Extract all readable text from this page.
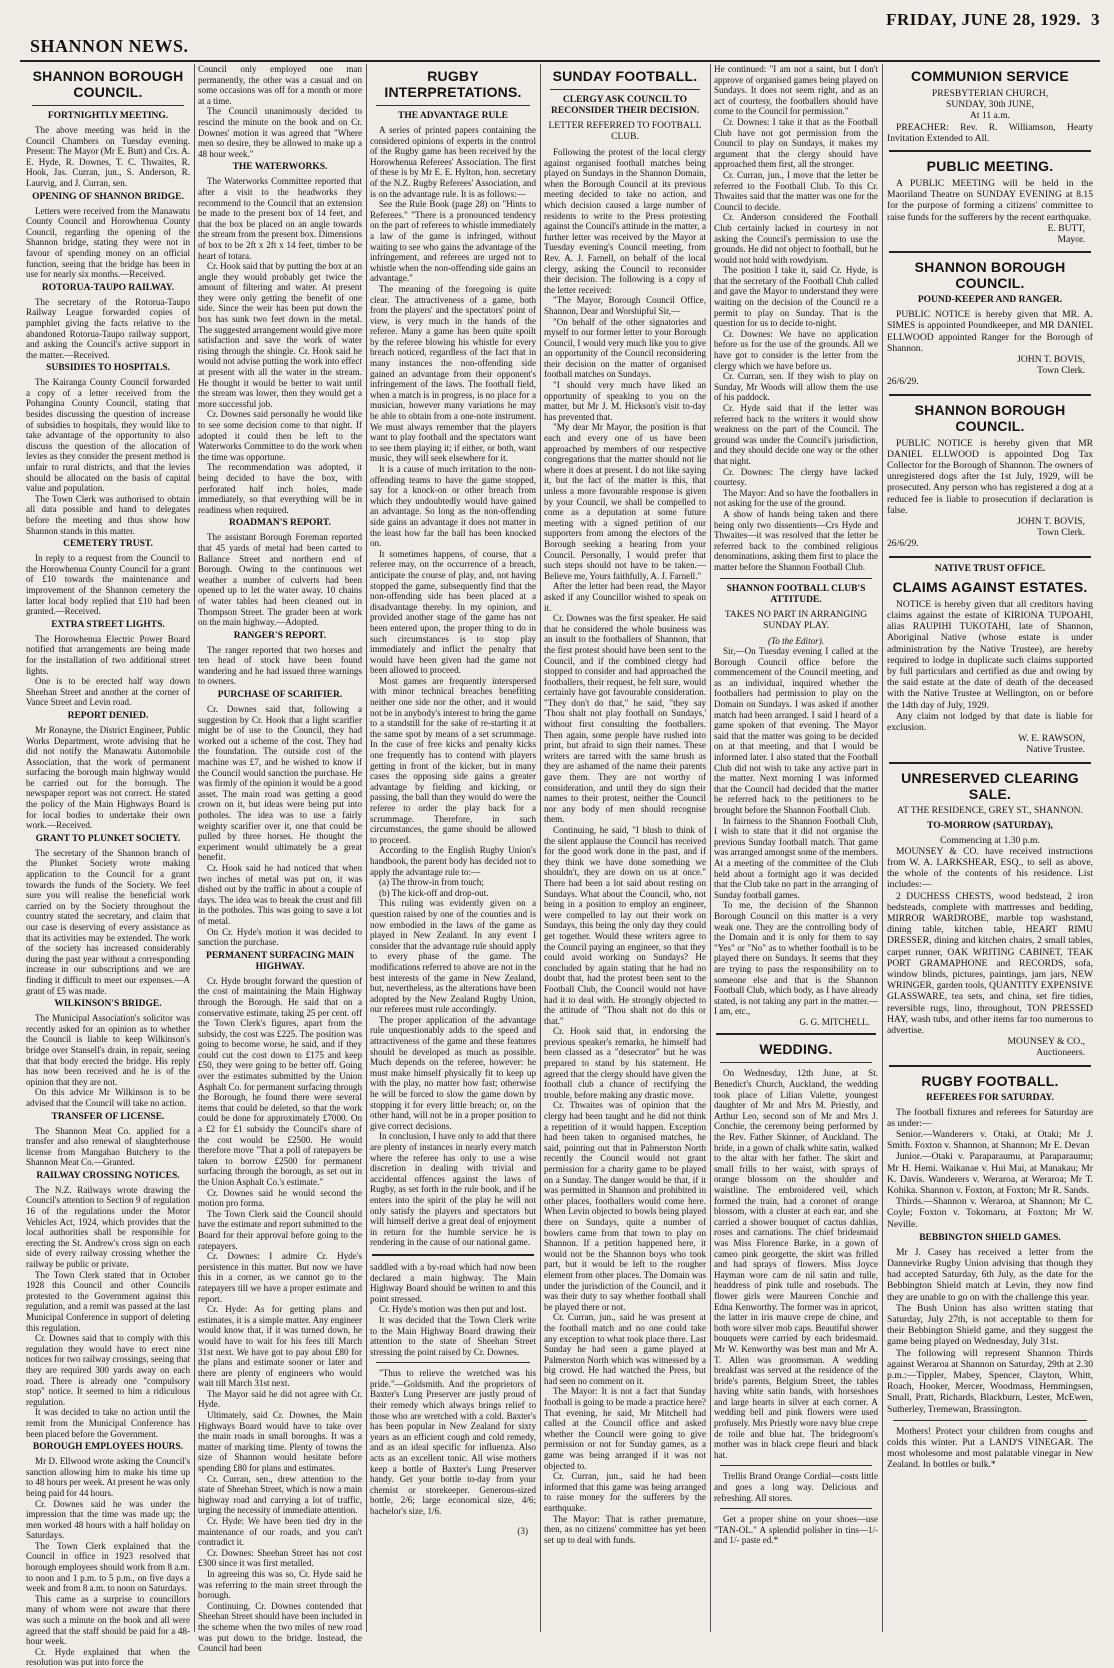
SHANNON NEWS.
FRIDAY, JUNE 28, 1929. 3
SHANNON BOROUGH COUNCIL.
FORTNIGHTLY MEETING.

The above meeting was held in the Council Chambers on Tuesday evening. Present: The Mayor (Mr E. Butt) and Crs. A. E. Hyde, R. Downes, T. C. Thwaites, R. Hook, Jas. Curran, jun., S. Anderson, R. Laurvig, and J. Curran, sen.

OPENING OF SHANNON BRIDGE.

Letters were received from the Manawatu County Council and Horowhenua County Council, regarding the opening of the Shannon bridge, stating they were not in favour of spending money on an official function, seeing that the bridge has been in use for nearly six months.—Received.

ROTORUA-TAUPO RAILWAY.

The secretary of the Rotorua-Taupo Railway League forwarded copies of pamphlet giving the facts relative to the abandoned Rotorua-Taupo railway support, and asking the Council's active support in the matter.—Received.

SUBSIDIES TO HOSPITALS.

The Kairanga County Council forwarded a copy of a letter received from the Pohangina County Council, stating that besides discussing the question of increase of subsidies to hospitals, they would like to take advantage of the opportunity to also discuss the question of the allocation of levies as they consider the present method is unfair to rural districts, and that the levies should be allocated on the basis of capital value and population.

The Town Clerk was authorised to obtain all data possible and hand to delegates before the meeting and thus show how Shannon stands in this matter.

CEMETERY TRUST.

In reply to a request from the Council to the Horowhenua County Council for a grant of £10 towards the maintenance and improvement of the Shannon cemetery the latter local body replied that £10 had been granted.—Received.

EXTRA STREET LIGHTS.

The Horowhenua Electric Power Board notified that arrangements are being made for the installation of two additional street lights.

One is to be erected half way down Sheehan Street and another at the corner of Vance Street and Levin road.

REPORT DENIED.

Mr Ronayne, the District Engineer, Public Works Department, wrote advising that he did not notify the Manawatu Automobile Association, that the work of permanent surfacing the borough main highway would be carried out for the borough. The newspaper report was not correct. He stated the policy of the Main Highways Board is for local bodies to undertake their own work.—Received.

GRANT TO PLUNKET SOCIETY.

The secretary of the Shannon branch of the Plunket Society wrote making application to the Council for a grant towards the funds of the Society. We feel sure you will realise the beneficial work carried on by the Society throughout the country stated the secretary, and claim that our case is deserving of every assistance as that its activities may be extended. The work of the society has increased considerably during the past year without a corresponding increase in our subscriptions and we are finding it difficult to meet our expenses.—A grant of £5 was made.

WILKINSON'S BRIDGE.

The Municipal Association's solicitor was recently asked for an opinion as to whether the Council is liable to keep Wilkinson's bridge over Stansell's drain, in repair, seeing that that body erected the bridge. His reply has now been received and he is of the opinion that they are not.

On this advice Mr Wilkinson is to be advised that the Council will take no action.

TRANSFER OF LICENSE.

The Shannon Meat Co. applied for a transfer and also renewal of slaughterhouse license from Mangahao Butchery to the Shannon Meat Co.—Granted.

RAILWAY CROSSING NOTICES.

The N.Z. Railways wrote drawing the Council's attention to Section 9 of regulation 16 of the regulations under the Motor Vehicles Act, 1924, which provides that the local authorities shall be responsible for erecting the St. Andrew's cross sign on each side of every railway crossing whether the railway be public or private.

The Town Clerk stated that in October 1928 this Council and other Councils protested to the Government against this regulation, and a remit was passed at the last Municipal Conference in support of deleting this regulation.

Cr. Downes said that to comply with this regulation they would have to erect nine notices for two railway crossings, seeing that they are required 300 yards away on each road. There is already one "compulsory stop" notice. It seemed to him a ridiculous regulation.

It was decided to take no action until the remit from the Municipal Conference has been placed before the Government.

BOROUGH EMPLOYEES HOURS.

Mr D. Ellwood wrote asking the Council's sanction allowing him to make his time up to 48 hours per week. At present he was only being paid for 44 hours.

Cr. Downes said he was under the impression that the time was made up; the men worked 48 hours with a half holiday on Saturdays.

The Town Clerk explained that the Council in office in 1923 resolved that borough employees should work from 8 a.m. to noon and 1 p.m. to 5 p.m., on five days a week and from 8 a.m. to noon on Saturdays.

This came as a surprise to councillors many of whom were not aware that there was such a minute on the book and all were agreed that the staff should be paid for a 48-hour week.

Cr. Hyde explained that when the resolution was put into force the

Council only employed one man permanently, the other was a casual and on some occasions was off for a month or more at a time.

The Council unanimously decided to rescind the minute on the book and on Cr. Downes' motion it was agreed that "Where men so desire, they be allowed to make up a 48 hour week."

THE WATERWORKS.

The Waterworks Committee reported that after a visit to the headworks they recommend to the Council that an extension be made to the present box of 14 feet, and that the box be placed on an angle towards the stream from the present box. Dimensions of box to be 2ft x 2ft x 14 feet, timber to be heart of totara.

Cr. Hook said that by putting the box at an angle they would probably get twice the amount of filtering and water. At present they were only getting the benefit of one side. Since the weir has been put down the box has sunk two feet down in the metal. The suggested arrangement would give more satisfaction and save the work of water rising through the shingle. Cr. Hook said he would not advise putting the work into effect at present with all the water in the stream. He thought it would be better to wait until the stream was lower, then they would get a more successful job.

Cr. Downes said personally he would like to see some decision come to that night. If adopted it could then be left to the Waterworks Committee to do the work when the time was opportune.

The recommendation was adopted, it being decided to have the box, with perforated half inch holes, made immediately, so that everything will be in readiness when required.

ROADMAN'S REPORT.

The assistant Borough Foreman reported that 45 yards of metal had been carted to Ballance Street and northern end of Borough. Owing to the continuous wet weather a number of culverts had been opened up to let the water away. 10 chains of water tables had been cleaned out in Thompson Street. The grader been at work on the main highway.—Adopted.

RANGER'S REPORT.

The ranger reported that two horses and ten head of stock have been found wandering and he had issued three warnings to owners.

PURCHASE OF SCARIFIER.

Cr. Downes said that, following a suggestion by Cr. Hook that a light scarifier might be of use to the Council, they had worked out a scheme of the cost. They had the foundation. The outside cost of the machine was £7, and he wished to know if the Council would sanction the purchase. He was firmly of the opinion it would be a good asset. The main road was getting a good crown on it, but ideas were being put into potholes. The idea was to use a fairly weighty scarifier over it, one that could be pulled by three horses. He thought the experiment would ultimately be a great benefit.

Cr. Hook said he had noticed that when two inches of metal was put on, it was dished out by the traffic in about a couple of days. The idea was to break the crust and fill in the potholes. This was going to save a lot of metal.

On Cr. Hyde's motion it was decided to sanction the purchase.

PERMANENT SURFACING MAIN HIGHWAY.

Cr. Hyde brought forward the question of the cost of maintaining the Main Highway through the Borough. He said that on a conservative estimate, taking 25 per cent. off the Town Clerk's figures, apart from the subsidy, the cost was £225. The position was going to become worse, he said, and if they could cut the cost down to £175 and keep £50, they were going to be better off. Going over the estimates submitted by the Union Asphalt Co. for permanent surfacing through the Borough, he found there were several items that could be deleted, so that the work could be done for approximately £7000. On a £2 for £1 subsidy the Council's share of the cost would be £2500. He would therefore move "That a poll of ratepayers be taken to borrow £2500 for permanent surfacing through the borough, as set out in the Union Asphalt Co.'s estimate."

Cr. Downes said he would second the motion pro forma.

The Town Clerk said the Council should have the estimate and report submitted to the Board for their approval before going to the ratepayers.

Cr. Downes: I admire Cr. Hyde's persistence in this matter. But now we have this in a corner, as we cannot go to the ratepayers till we have a proper estimate and report.

Cr. Hyde: As for getting plans and estimates, it is a simple matter. Any engineer would know that, if it was turned down, he would have to wait for his fees till March 31st next. We have got to pay about £80 for the plans and estimate sooner or later and there are plenty of engineers who would wait till March 31st next.

The Mayor said he did not agree with Cr. Hyde.

Ultimately, said Cr. Downes, the Main Highways Board would have to take over the main roads in small boroughs. It was a matter of marking time. Plenty of towns the size of Shannon would hesitate before spending £80 for plans and estimates.

Cr. Curran, sen., drew attention to the state of Sheehan Street, which is now a main highway road and carrying a lot of traffic, urging the necessity of immediate attention.

Cr. Hyde: We have been tied dry in the maintenance of our roads, and you can't contradict it.

Cr. Downes: Sheehan Street has not cost £300 since it was first metalled.

In agreeing this was so, Cr. Hyde said he was referring to the main street through the borough.

Continuing, Cr. Downes contended that Sheehan Street should have been included in the scheme when the two miles of new road was put down to the bridge. Instead, the Council had been

RUGBY INTERPRETATIONS.
THE ADVANTAGE RULE

A series of printed papers containing the considered opinions of experts in the control of the Rugby game has been received by the Horowhenua Referees' Association. The first of these is by Mr E. E. Hylton, hon. secretary of the N.Z. Rugby Referees' Association, and is on the advantage rule. It is as follows:—

See the Rule Book (page 28) on "Hints to Referees." "There is a pronounced tendency on the part of referees to whistle immediately a law of the game is infringed, without waiting to see who gains the advantage of the infringement, and referees are urged not to whistle when the non-offending side gains an advantage."

The meaning of the foregoing is quite clear. The attractiveness of a game, both from the players' and the spectators' point of view, is very much in the hands of the referee. Many a game has been quite spoilt by the referee blowing his whistle for every breach noticed, regardless of the fact that in many instances the non-offending side gained an advantage from their opponent's infringement of the laws. The football field, when a match is in progress, is no place for a musician, however many variations he may be able to obtain from a one-note instrument. We must always remember that the players want to play football and the spectators want to see them playing it; if either, or both, want music, they will seek elsewhere for it.

It is a cause of much irritation to the non-offending teams to have the game stopped, say for a knock-on or other breach from which they undoubtedly would have gained an advantage. So long as the non-offending side gains an advantage it does not matter in the least how far the ball has been knocked on.

It sometimes happens, of course, that a referee may, on the occurrence of a breach, anticipate the course of play, and, not having stopped the game, subsequently find that the non-offending side has been placed at a disadvantage thereby. In my opinion, and provided another stage of the game has not been entered upon, the proper thing to do in such circumstances is to stop play immediately and inflict the penalty that would have been given had the game not been allowed to proceed.

Most games are frequently interspersed with minor technical breaches benefiting neither one side nor the other, and it would not be in anybody's interest to bring the game to a standstill for the sake of re-starting it at the same spot by means of a set scrummage. In the case of free kicks and penalty kicks one frequently has to contend with players getting in front of the kicker, but in many cases the opposing side gains a greater advantage by fielding and kicking, or passing, the ball than they would do were the referee to order the play back for a scrummage. Therefore, in such circumstances, the game should be allowed to proceed.

According to the English Rugby Union's handbook, the parent body has decided not to apply the advantage rule to:—

(a) The throw-in from touch;

(b) The kick-off and drop-out.

This ruling was evidently given on a question raised by one of the counties and is now embodied in the laws of the game as played in New Zealand. In any event I consider that the advantage rule should apply to every phase of the game. The modifications referred to above are not in the best interests of the game in New Zealand, but, nevertheless, as the alterations have been adopted by the New Zealand Rugby Union, our referees must rule accordingly.

The proper application of the advantage rule unquestionably adds to the speed and attractiveness of the game and these features should be developed as much as possible. Much depends on the referee, however: he must make himself physically fit to keep up with the play, no matter how fast; otherwise he will be forced to slow the game down by stopping it for every little breach; or, on the other hand, will not be in a proper position to give correct decisions.

In conclusion, I have only to add that there are plenty of instances in nearly every match where the referee has only to use a wise discretion in dealing with trivial and accidental offences against the laws of Rugby, as set forth in the rule book, and if he enters into the spirit of the play he will not only satisfy the players and spectators but will himself derive a great deal of enjoyment in return for the humble service he is rendering in the cause of our national game.

saddled with a by-road which had now been declared a main highway. The Main Highway Board should be written to and this point stressed.

Cr. Hyde's motion was then put and lost.

It was decided that the Town Clerk write to the Main Highway Board drawing their attention to the state of Sheehan Street stressing the point raised by Cr. Downes.

"Thus to relieve the wretched was his pride."—Goldsmith. And the proprietors of Baxter's Lung Preserver are justly proud of their remedy which always brings relief to those who are wretched with a cold. Baxter's has been popular in New Zealand for sixty years as an efficient cough and cold remedy, and as an ideal specific for influenza. Also acts as an excellent tonic. All wise mothers keep a bottle of Baxter's Lung Preserver handy. Get your bottle to-day from your chemist or storekeeper. Generous-sized bottle, 2/6; large economical size, 4/6; bachelor's size, 1/6.

(3)

SUNDAY FOOTBALL.
CLERGY ASK COUNCIL TO RECONSIDER THEIR DECISION.
LETTER REFERRED TO FOOTBALL CLUB.

Following the protest of the local clergy against organised football matches being played on Sundays in the Shannon Domain, when the Borough Council at its previous meeting decided to take no action, and which decision caused a large number of residents to write to the Press protesting against the Council's attitude in the matter, a further letter was received by the Mayor at Tuesday evening's Council meeting, from Rev. A. J. Farnell, on behalf of the local clergy, asking the Council to reconsider their decision. The following is a copy of the letter received:

"The Mayor, Borough Council Office, Shannon, Dear and Worshipful Sir,—

"On behalf of the other signatories and myself to our former letter to your Borough Council, I would very much like you to give an opportunity of the Council reconsidering their decision on the matter of organised football matches on Sundays.

"I should very much have liked an opportunity of speaking to you on the matter, but Mr J. M. Hickson's visit to-day has prevented that.

"My dear Mr Mayor, the position is that each and every one of us have been approached by members of our respective congregations that the matter should not lie where it does at present. I do not like saying it, but the fact of the matter is this, that unless a more favourable response is given by your Council, we shall be compelled to come as a deputation at some future meeting with a signed petition of our supporters from among the electors of the Borough seeking a hearing from your Council. Personally, I would prefer that such steps should not have to be taken.—Believe me, Yours faithfully, A. J. Farnell."

After the letter had been read, the Mayor asked if any Councillor wished to speak on it.

Cr. Downes was the first speaker. He said that he considered the whole business was an insult to the footballers of Shannon, that the first protest should have been sent to the Council, and if the combined clergy had stopped to consider and had approached the footballers, their request, he felt sure, would certainly have got favourable consideration. "They don't do that," he said, "they say 'Thou shalt not play football on Sundays,' without first consulting the footballers. Then again, some people have rushed into print, but afraid to sign their names. These writers are tarred with the same brush as they are ashamed of the name their parents gave them. They are not worthy of consideration, and until they do sign their names to their protest, neither the Council nor any body of men should recognise them.

Continuing, he said, "I blush to think of the silent applause the Council has received for the good work done in the past, and if they think we have done something we shouldn't, they are down on us at once." There had been a lot said about resting on Sundays. What about the Council, who, not being in a position to employ an engineer, were compelled to lay out their work on Sundays, this being the only day they could get together. Would these writers agree to the Council paying an engineer, so that they could avoid working on Sundays? He concluded by again stating that he had no doubt that, had the protest been sent to the Football Club, the Council would not have had it to deal with. He strongly objected to the attitude of "Thou shalt not do this or that."

Cr. Hook said that, in endorsing the previous speaker's remarks, he himself had been classed as a "desecrator" but he was prepared to stand by his statement. He agreed that the clergy should have given the football club a chance of rectifying the trouble, before making any drastic move.

Cr. Thwaites was of opinion that the clergy had been taught and he did not think a repetition of it would happen. Exception had been taken to organised matches, he said, pointing out that in Palmerston North recently the Council would not grant permission for a charity game to be played on a Sunday. The danger would be that, if it was permitted in Shannon and prohibited in other places, footballers would come here. When Levin objected to bowls being played there on Sundays, quite a number of bowlers came from that town to play on Shannon. If a petition happened here, it would not be the Shannon boys who took part, but it would be left to the rougher element from other places. The Domain was under the jurisdiction of the Council, and it was their duty to say whether football shall be played there or not.

Cr. Curran, jun., said he was present at the football match and no one could take any exception to what took place there. Last Sunday he had seen a game played at Palmerston North which was witnessed by a big crowd. He had watched the Press, but had seen no comment on it.

The Mayor: It is not a fact that Sunday football is going to be made a practice here? That evening, he said, Mr Mitchell had called at the Council office and asked whether the Council were going to give permission or not for Sunday games, as a game was being arranged if it was not objected to.

Cr. Curran, jun., said he had been informed that this game was being arranged to raise money for the sufferers by the earthquake.

The Mayor: That is rather premature, then, as no citizens' committee has yet been set up to deal with funds.

He continued: "I am not a saint, but I don't approve of organised games being played on Sundays. It does not seem right, and as an act of courtesy, the footballers should have come to the Council for permission."

Cr. Downes: I take it that as the Football Club have not got permission from the Council to play on Sundays, it makes my argument that the clergy should have approached them first, all the stronger.

Cr. Curran, jun., I move that the letter be referred to the Football Club. To this Cr. Thwaites said that the matter was one for the Council to decide.

Cr. Anderson considered the Football Club certainly lacked in courtesy in not asking the Council's permission to use the grounds. He did not object to football, but he would not hold with rowdyism.

The position I take it, said Cr. Hyde, is that the secretary of the Football Club called and gave the Mayor to understand they were waiting on the decision of the Council re a permit to play on Sunday. That is the question for us to decide to-night.

Cr. Downes: We have no application before us for the use of the grounds. All we have got to consider is the letter from the clergy which we have before us.

Cr. Curran, sen. If they wish to play on Sunday, Mr Woods will allow them the use of his paddock.

Cr. Hyde said that if the letter was referred back to the writers it would show weakness on the part of the Council. The ground was under the Council's jurisdiction, and they should decide one way or the other that night.

Cr. Downes: The clergy have lacked courtesy.

The Mayor: And so have the footballers in not asking for the use of the ground.

A show of hands being taken and there being only two dissentients—Crs Hyde and Thwaites—it was resolved that the letter be referred back to the combined religious denominations, asking them first to place the matter before the Shannon Football Club.

SHANNON FOOTBALL CLUB'S ATTITUDE.
TAKES NO PART IN ARRANGING SUNDAY PLAY.
(To the Editor).

Sir,—On Tuesday evening I called at the Borough Council office before the commencement of the Council meeting, and as an individual, inquired whether the footballers had permission to play on the Domain on Sundays. I was asked if another match had been arranged. I said I heard of a game spoken of that evening. The Mayor said that the matter was going to be decided on at that meeting, and that I would be informed later. I also stated that the Football Club did not wish to take any active part in the matter. Next morning I was informed that the Council had decided that the matter be referred back to the petitioners to be brought before the Shannon Football Club.

In fairness to the Shannon Football Club, I wish to state that it did not organise the previous Sunday football match. That game was arranged amongst some of the members. At a meeting of the committee of the Club held about a fortnight ago it was decided that the Club take no part in the arranging of Sunday football games.

To me, the decision of the Shannon Borough Council on this matter is a very weak one. They are the controlling body of the Domain and it is only for them to say "Yes" or "No" as to whether football is to be played there on Sundays. It seems that they are trying to pass the responsibility on to someone else and that is the Shannon Football Club, which body, as I have already stated, is not taking any part in the matter.—I am, etc.,

G. G. MITCHELL.
WEDDING.

On Wednesday, 12th June, at St. Benedict's Church, Auckland, the wedding took place of Lilian Valette, youngest daughter of Mr and Mrs M. Priestly, and Arthur Leo, second son of Mr and Mrs J. Conchie, the ceremony being performed by the Rev. Father Skinner, of Auckland. The bride, in a gown of chalk white satin, walked to the altar with her father. The skirt and small frills to her waist, with sprays of orange blossom on the shoulder and waistline. The embroidered veil, which formed the train, had a coronet of orange blossom, with a cluster at each ear, and she carried a shower bouquet of cactus dahlias, roses and carnations. The chief bridesmaid was Miss Florence Barke, in a gown of cameo pink georgette, the skirt was frilled and had sprays of flowers. Miss Joyce Hayman wore cam de nil satin and tulle, headdress of pink tulle and rosebuds. The flower girls were Maureen Conchie and Edna Kenworthy. The former was in apricot, the latter in iris mauve crepe de chine, and both wore silver mob caps. Beautiful shower bouquets were carried by each bridesmaid. Mr W. Kenworthy was best man and Mr A. T. Allen was groomsman. A wedding breakfast was served at the residence of the bride's parents, Belgium Street, the tables having white satin bands, with horseshoes and large hearts in silver at each corner. A wedding bell and pink flowers were used profusely. Mrs Priestly wore navy blue crepe de toile and blue hat. The bridegroom's mother was in black crepe fleuri and black hat.

Trellis Brand Orange Cordial—costs little and goes a long way. Delicious and refreshing. All stores.

Get a proper shine on your shoes—use "TAN-OL." A splendid polisher in tins—1/- and 1/- paste ed.*

COMMUNION SERVICE
PRESBYTERIAN CHURCH,
SUNDAY, 30th JUNE,
At 11 a.m.

PREACHER: Rev. R. Williamson, Hearty Invitation Extended to All.

PUBLIC MEETING.

A PUBLIC MEETING will be held in the Maoriland Theatre on SUNDAY EVENING at 8.15 for the purpose of forming a citizens' committee to raise funds for the sufferers by the recent earthquake.

E. BUTT,
Mayor.
SHANNON BOROUGH COUNCIL.
POUND-KEEPER AND RANGER.

PUBLIC NOTICE is hereby given that MR. A. SIMES is appointed Poundkeeper, and MR DANIEL ELLWOOD appointed Ranger for the Borough of Shannon.

JOHN T. BOVIS,
Town Clerk.
26/6/29.
SHANNON BOROUGH COUNCIL.

PUBLIC NOTICE is hereby given that MR DANIEL ELLWOOD is appointed Dog Tax Collector for the Borough of Shannon. The owners of unregistered dogs after the 1st July, 1929, will be prosecuted. Any person who has registered a dog at a reduced fee is liable to prosecution if declaration is false.

JOHN T. BOVIS,
Town Clerk.
26/6/29.
NATIVE TRUST OFFICE.
CLAIMS AGAINST ESTATES.

NOTICE is hereby given that all creditors having claims against the estate of KIRIONA TUPOAHI, alias RAUPIHI TUKOTAHI, late of Shannon, Aboriginal Native (whose estate is under administration by the Native Trustee), are hereby required to lodge in duplicate such claims supported by full particulars and certified as due and owing by the said estate at the date of death of the deceased with the Native Trustee at Wellington, on or before the 14th day of July, 1929.

Any claim not lodged by that date is liable for exclusion.

W. E. RAWSON,
Native Trustee.
UNRESERVED CLEARING SALE.
AT THE RESIDENCE, GREY ST., SHANNON.
TO-MORROW (SATURDAY),
Commencing at 1.30 p.m.

MOUNSEY & CO. have received instructions from W. A. LARKSHEAR, ESQ., to sell as above, the whole of the contents of his residence. List includes:—

2 DUCHESS CHESTS, wood bedstead, 2 iron bedsteads, complete with mattresses and bedding, MIRROR WARDROBE, marble top washstand, dining table, kitchen table, HEART RIMU DRESSER, dining and kitchen chairs, 2 small tables, carpet runner, OAK WRITING CABINET, TEAK PORT GRAMAPHONE and RECORDS, sofa, window blinds, pictures, paintings, jam jars, NEW WRINGER, garden tools, QUANTITY EXPENSIVE GLASSWARE, tea sets, and china, set fire tidies, reversible rugs, lino, throughout, TON PRESSED HAY, wash tubs, and other items far too numerous to advertise.

MOUNSEY & CO.,
Auctioneers.
RUGBY FOOTBALL.
REFEREES FOR SATURDAY.

The football fixtures and referees for Saturday are as under:—

Senior.—Wanderers v. Otaki, at Otaki; Mr J. Smith. Foxton v. Shannon, at Shannon; Mr E. Devan

Junior.—Otaki v. Paraparaumu, at Paraparaumu; Mr H. Hemi. Waikanae v. Hui Mai, at Manakau; Mr K. Davis. Wanderers v. Weraroa, at Weraroa; Mr T. Kohika. Shannon v. Foxton, at Foxton; Mr R. Sands.

Thirds.—Shannon v. Weraroa, at Shannon; Mr C. Coyle; Foxton v. Tokomaru, at Foxton; Mr W. Neville.

BEBBINGTON SHIELD GAMES.

Mr J. Casey has received a letter from the Dannevirke Rugby Union advising that though they had accepted Saturday, 6th July, as the date for the Bebbington Shield match at Levin, they now find they are unable to go on with the challenge this year.

The Bush Union has also written stating that Saturday, July 27th, is not acceptable to them for their Bebbington Shield game, and they suggest the game being played on Wednesday, July 31st.

The following will represent Shannon Thirds against Weraroa at Shannon on Saturday, 29th at 2.30 p.m.:—Tippler, Mabey, Spencer, Clayton, Whitt, Roach, Hooker, Mercer, Woodmass, Hemmingsen, Small, Pratt, Richards, Blackburn, Lester, McEwen, Sutherley, Tremewan, Brassington.

Mothers! Protect your children from coughs and colds this winter. Put a LAND'S VINEGAR. The most wholesome and most palatable vinegar in New Zealand. In bottles or bulk.*
